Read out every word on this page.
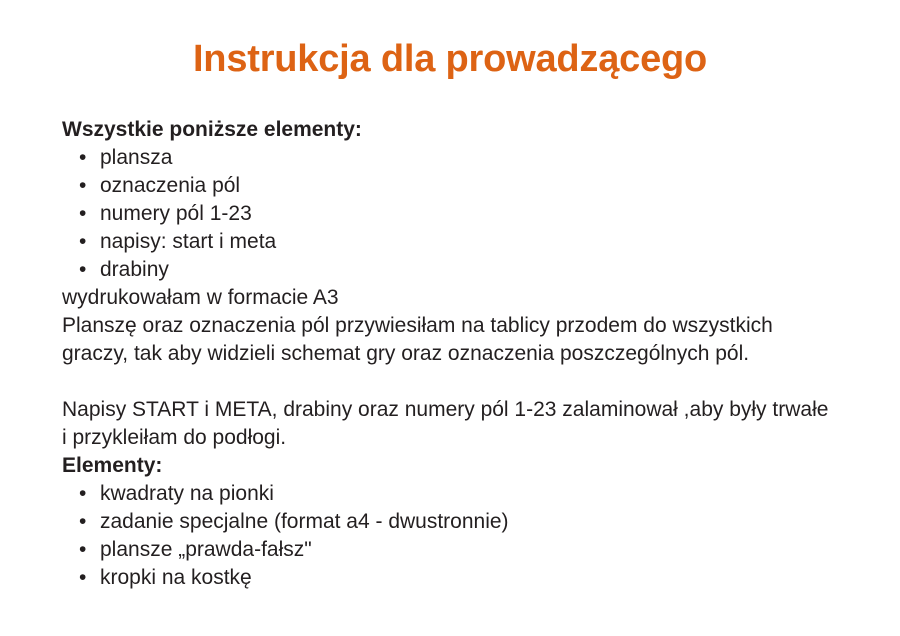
Instrukcja dla prowadzącego
Wszystkie poniższe elementy:
• plansza
• oznaczenia pól
• numery pól 1-23
• napisy: start i meta
• drabiny
wydrukowałam w formacie A3
Planszę oraz oznaczenia pól przywiesiłam na tablicy przodem do wszystkich
graczy, tak aby widzieli schemat gry oraz oznaczenia poszczególnych pól.
Napisy START i META, drabiny oraz numery pól 1-23 zalaminował ,aby były trwałe
i przykleiłam do podłogi.
Elementy:
• kwadraty na pionki
• zadanie specjalne (format a4 - dwustronnie)
• plansze „prawda-fałsz"
• kropki na kostkę
